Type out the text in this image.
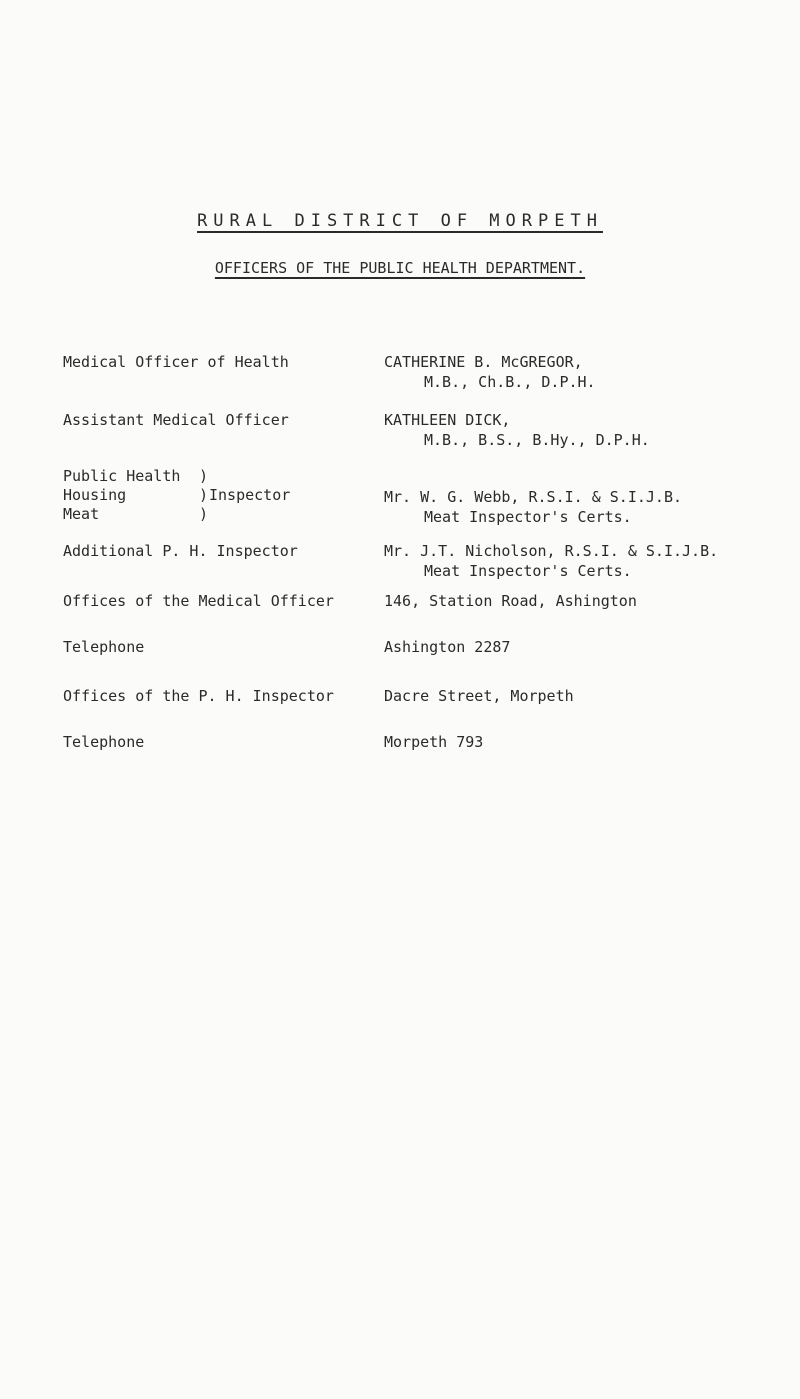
RURAL DISTRICT OF MORPETH
OFFICERS OF THE PUBLIC HEALTH DEPARTMENT.
Medical Officer of Health	CATHERINE B. McGREGOR,
M.B., Ch.B., D.P.H.
Assistant Medical Officer	KATHLEEN DICK,
M.B., B.S., B.Hy., D.P.H.
Public Health	)
Housing	) Inspector
Meat	)
Mr. W. G. Webb, R.S.I. & S.I.J.B.
Meat Inspector's Certs.
Additional P. H. Inspector	Mr. J.T. Nicholson, R.S.I. & S.I.J.B.
Meat Inspector's Certs.
Offices of the Medical Officer	146, Station Road, Ashington
Telephone	Ashington 2287
Offices of the P. H. Inspector	Dacre Street, Morpeth
Telephone	Morpeth 793
